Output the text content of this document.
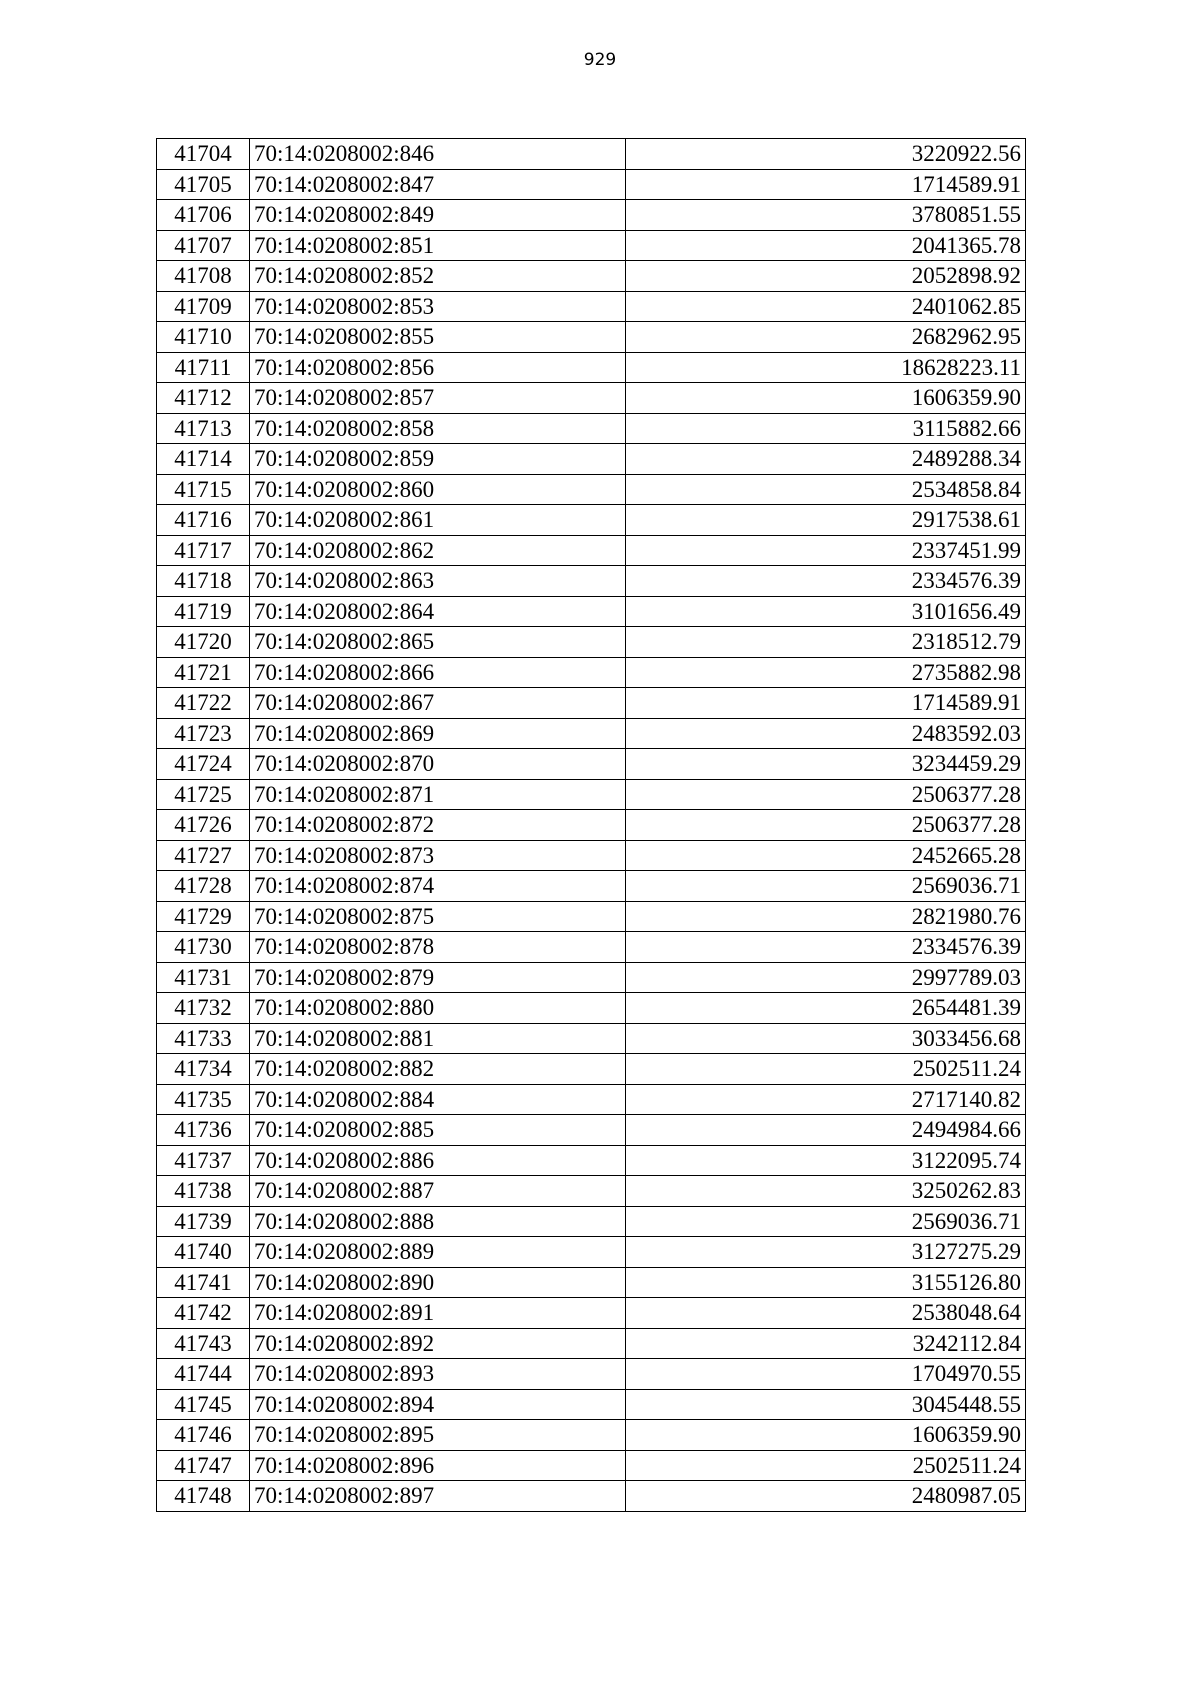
929
41704	70:14:0208002:846	3220922.56
41705	70:14:0208002:847	1714589.91
41706	70:14:0208002:849	3780851.55
41707	70:14:0208002:851	2041365.78
41708	70:14:0208002:852	2052898.92
41709	70:14:0208002:853	2401062.85
41710	70:14:0208002:855	2682962.95
41711	70:14:0208002:856	18628223.11
41712	70:14:0208002:857	1606359.90
41713	70:14:0208002:858	3115882.66
41714	70:14:0208002:859	2489288.34
41715	70:14:0208002:860	2534858.84
41716	70:14:0208002:861	2917538.61
41717	70:14:0208002:862	2337451.99
41718	70:14:0208002:863	2334576.39
41719	70:14:0208002:864	3101656.49
41720	70:14:0208002:865	2318512.79
41721	70:14:0208002:866	2735882.98
41722	70:14:0208002:867	1714589.91
41723	70:14:0208002:869	2483592.03
41724	70:14:0208002:870	3234459.29
41725	70:14:0208002:871	2506377.28
41726	70:14:0208002:872	2506377.28
41727	70:14:0208002:873	2452665.28
41728	70:14:0208002:874	2569036.71
41729	70:14:0208002:875	2821980.76
41730	70:14:0208002:878	2334576.39
41731	70:14:0208002:879	2997789.03
41732	70:14:0208002:880	2654481.39
41733	70:14:0208002:881	3033456.68
41734	70:14:0208002:882	2502511.24
41735	70:14:0208002:884	2717140.82
41736	70:14:0208002:885	2494984.66
41737	70:14:0208002:886	3122095.74
41738	70:14:0208002:887	3250262.83
41739	70:14:0208002:888	2569036.71
41740	70:14:0208002:889	3127275.29
41741	70:14:0208002:890	3155126.80
41742	70:14:0208002:891	2538048.64
41743	70:14:0208002:892	3242112.84
41744	70:14:0208002:893	1704970.55
41745	70:14:0208002:894	3045448.55
41746	70:14:0208002:895	1606359.90
41747	70:14:0208002:896	2502511.24
41748	70:14:0208002:897	2480987.05
